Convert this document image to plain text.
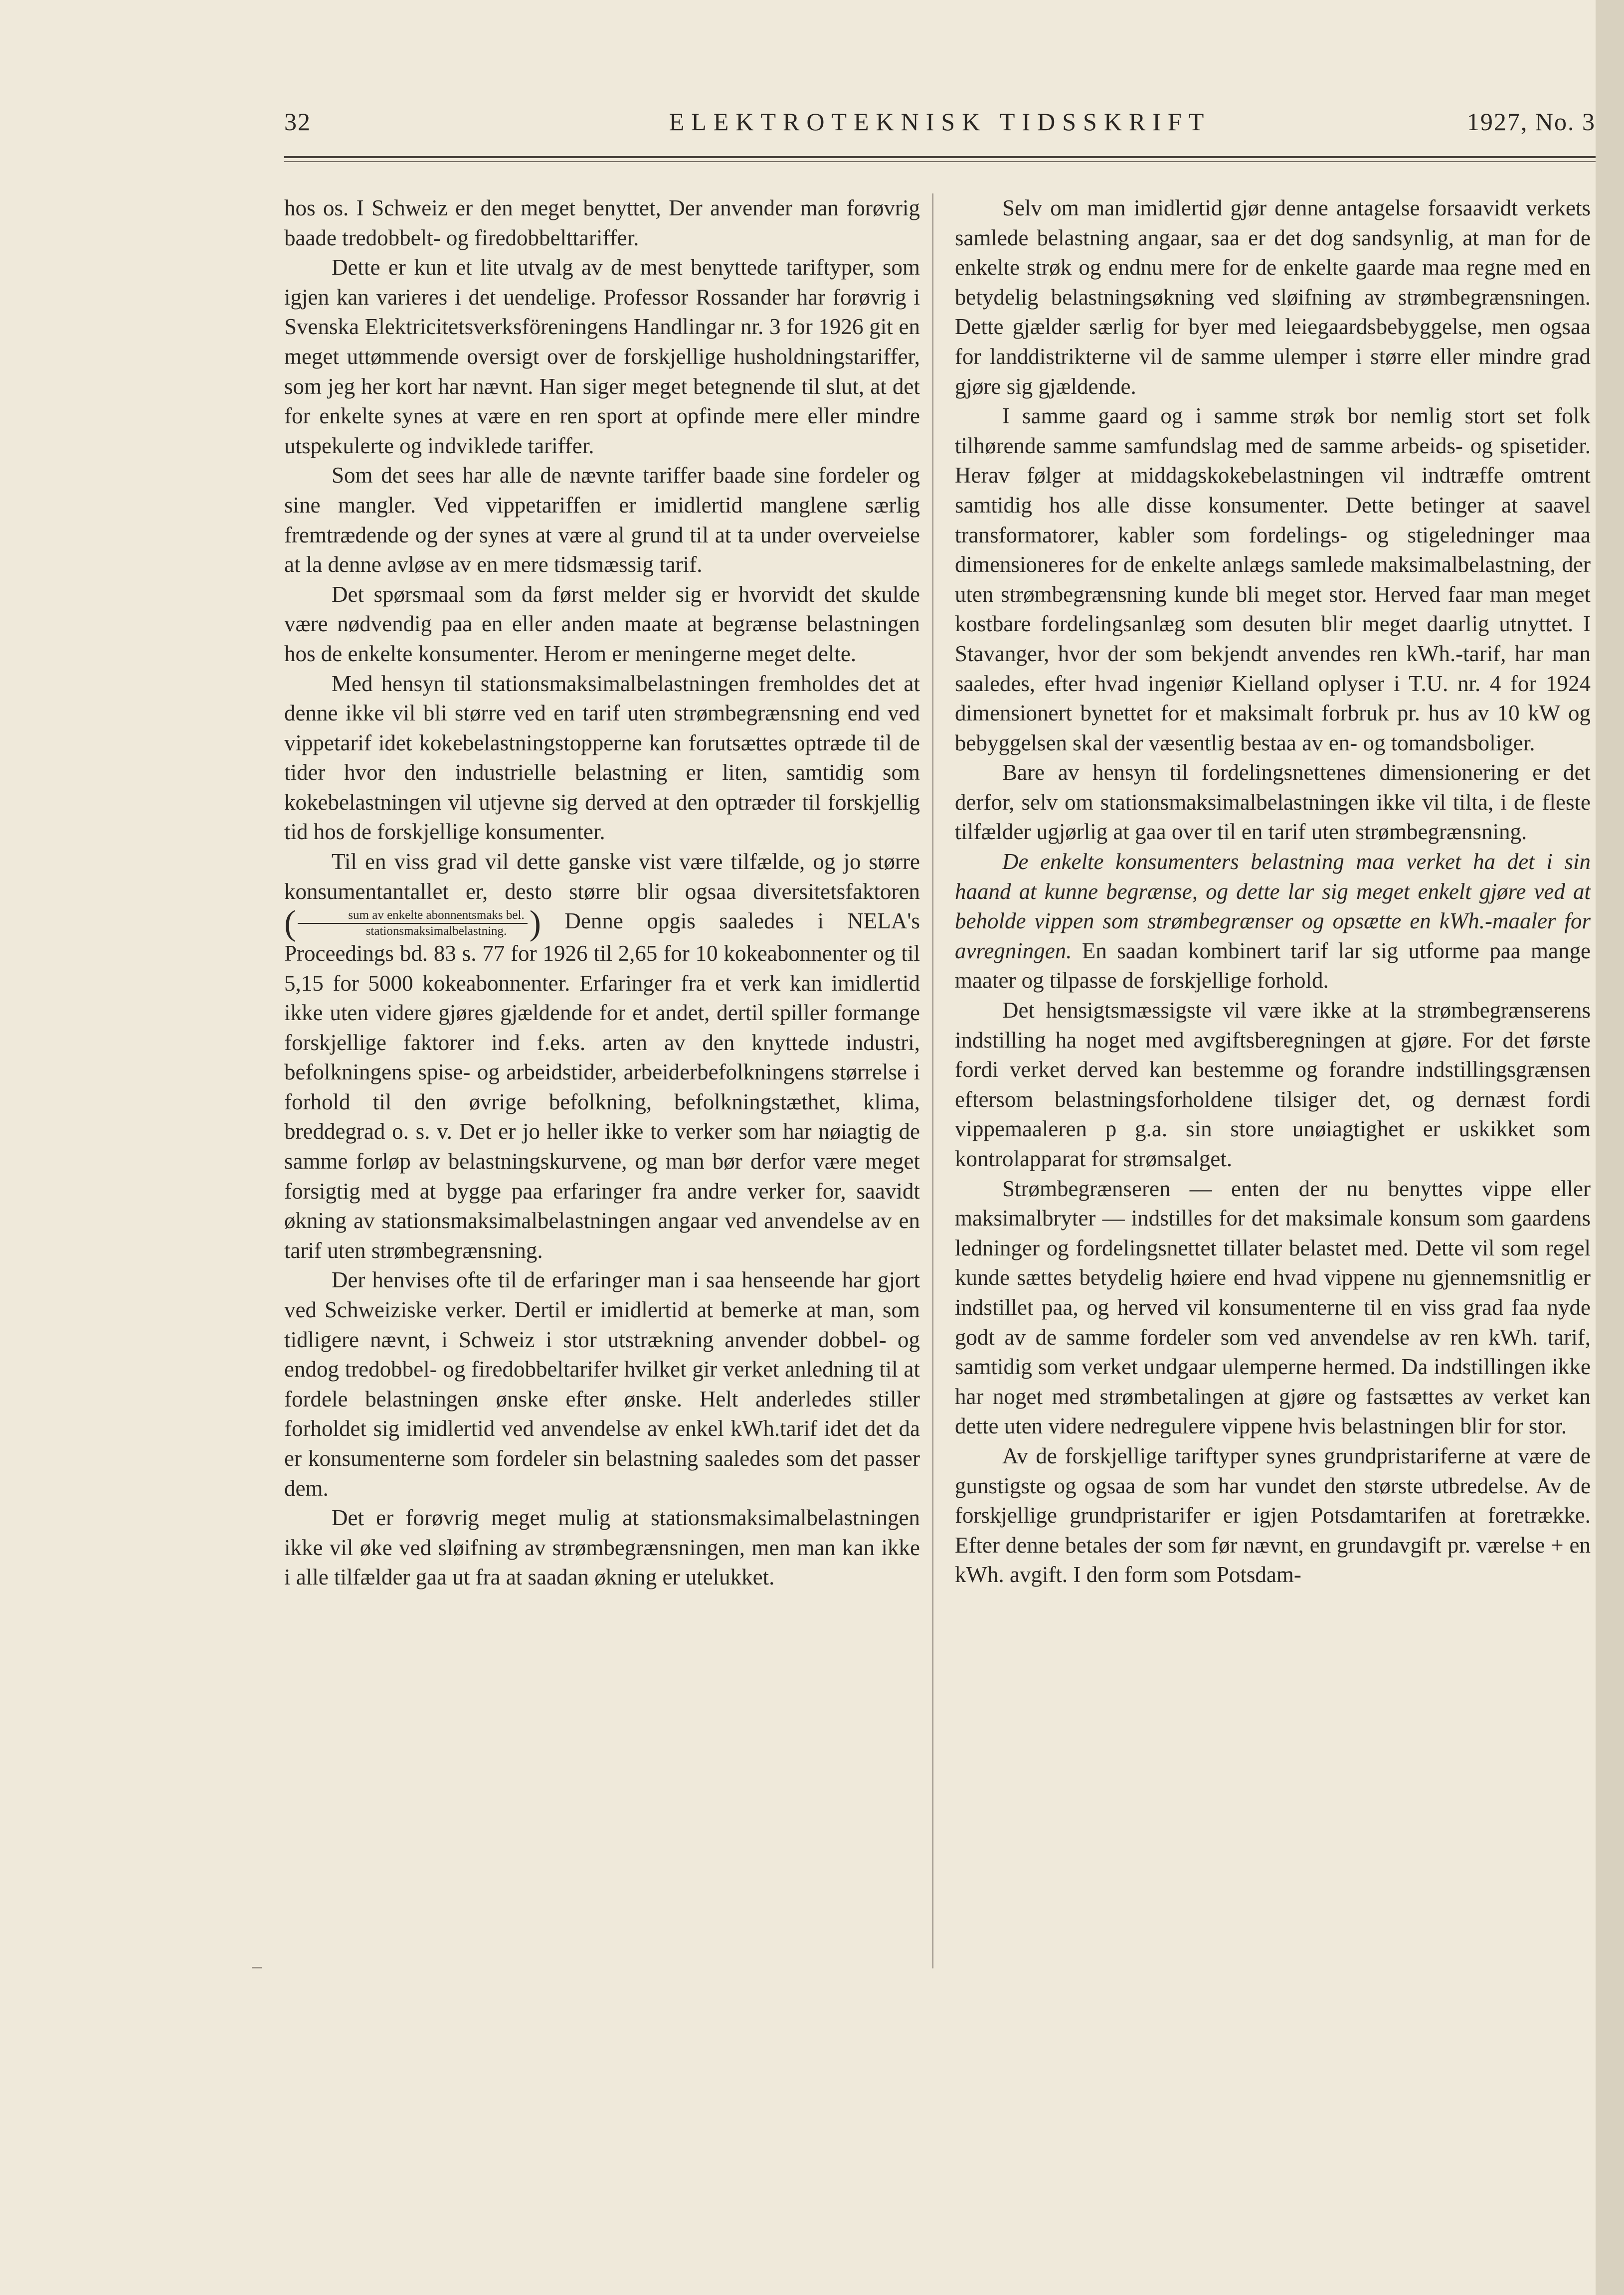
ELEKTROTEKNISK TIDSSKRIFT
32	1927, No. 3

hos os. I Schweiz er den meget benyttet, Der anvender man forøvrig baade tredobbelt- og firedobbelttariffer.

Dette er kun et lite utvalg av de mest benyttede tariftyper, som igjen kan varieres i det uendelige. Professor Rossander har forøvrig i Svenska Elektricitetsverksföreningens Handlingar nr. 3 for 1926 git en meget uttømmende oversigt over de forskjellige husholdningstariffer, som jeg her kort har nævnt. Han siger meget betegnende til slut, at det for enkelte synes at være en ren sport at opfinde mere eller mindre utspekulerte og indviklede tariffer.

Som det sees har alle de nævnte tariffer baade sine fordeler og sine mangler. Ved vippetariffen er imidlertid manglene særlig fremtrædende og der synes at være al grund til at ta under overveielse at la denne avløse av en mere tidsmæssig tarif.

Det spørsmaal som da først melder sig er hvorvidt det skulde være nødvendig paa en eller anden maate at begrænse belastningen hos de enkelte konsumenter. Herom er meningerne meget delte.

Med hensyn til stationsmaksimalbelastningen fremholdes det at denne ikke vil bli større ved en tarif uten strømbegrænsning end ved vippetarif idet kokebelastningstopperne kan forutsættes optræde til de tider hvor den industrielle belastning er liten, samtidig som kokebelastningen vil utjevne sig derved at den optræder til forskjellig tid hos de forskjellige konsumenter.

Til en viss grad vil dette ganske vist være tilfælde, og jo større konsumentantallet er, desto større blir ogsaa diversitetsfaktoren ( $\frac{\text{sum av enkelte abonnentsmaks bel.}}{\text{stationsmaksimalbelastning.}}$ ) Denne opgis saaledes i NELA's Proceedings bd. 83 s. 77 for 1926 til 2,65 for 10 kokeabonnenter og til 5,15 for 5000 kokeabonnenter. Erfaringer fra et verk kan imidlertid ikke uten videre gjøres gjældende for et andet, dertil spiller formange forskjellige faktorer ind f.eks. arten av den knyttede industri, befolkningens spise- og arbeidstider, arbeiderbefolkningens størrelse i forhold til den øvrige befolkning, befolkningstæthet, klima, breddegrad o. s. v. Det er jo heller ikke to verker som har nøiagtig de samme forløp av belastningskurvene, og man bør derfor være meget forsigtig med at bygge paa erfaringer fra andre verker for, saavidt økning av stationsmaksimalbelastningen angaar ved anvendelse av en tarif uten strømbegrænsning.

Der henvises ofte til de erfaringer man i saa henseende har gjort ved Schweiziske verker. Dertil er imidlertid at bemerke at man, som tidligere nævnt, i Schweiz i stor utstrækning anvender dobbel- og endog tredobbel- og firedobbeltarifer hvilket gir verket anledning til at fordele belastningen ønske efter ønske. Helt anderledes stiller forholdet sig imidlertid ved anvendelse av enkel kWh.tarif idet det da er konsumenterne som fordeler sin belastning saaledes som det passer dem.

Det er forøvrig meget mulig at stationsmaksimalbelastningen ikke vil øke ved sløifning av strømbegrænsningen, men man kan ikke i alle tilfælder gaa ut fra at saadan økning er utelukket.

Selv om man imidlertid gjør denne antagelse forsaavidt verkets samlede belastning angaar, saa er det dog sandsynlig, at man for de enkelte strøk og endnu mere for de enkelte gaarde maa regne med en betydelig belastningsøkning ved sløifning av strømbegrænsningen. Dette gjælder særlig for byer med leiegaardsbebyggelse, men ogsaa for landdistrikterne vil de samme ulemper i større eller mindre grad gjøre sig gjældende.

I samme gaard og i samme strøk bor nemlig stort set folk tilhørende samme samfundslag med de samme arbeids- og spisetider. Herav følger at middagskokebelastningen vil indtræffe omtrent samtidig hos alle disse konsumenter. Dette betinger at saavel transformatorer, kabler som fordelings- og stigeledninger maa dimensioneres for de enkelte anlægs samlede maksimalbelastning, der uten strømbegrænsning kunde bli meget stor. Herved faar man meget kostbare fordelingsanlæg som desuten blir meget daarlig utnyttet. I Stavanger, hvor der som bekjendt anvendes ren kWh.-tarif, har man saaledes, efter hvad ingeniør Kielland oplyser i T.U. nr. 4 for 1924 dimensionert bynettet for et maksimalt forbruk pr. hus av 10 kW og bebyggelsen skal der væsentlig bestaa av en- og tomandsboliger.

Bare av hensyn til fordelingsnettenes dimensionering er det derfor, selv om stationsmaksimalbelastningen ikke vil tilta, i de fleste tilfælder ugjørlig at gaa over til en tarif uten strømbegrænsning.

De enkelte konsumenters belastning maa verket ha det i sin haand at kunne begrænse, og dette lar sig meget enkelt gjøre ved at beholde vippen som strømbegrænser og opsætte en kWh.-maaler for avregningen. En saadan kombinert tarif lar sig utforme paa mange maater og tilpasse de forskjellige forhold.

Det hensigtsmæssigste vil være ikke at la strømbegrænserens indstilling ha noget med avgiftsberegningen at gjøre. For det første fordi verket derved kan bestemme og forandre indstillingsgrænsen eftersom belastningsforholdene tilsiger det, og dernæst fordi vippemaaleren p g.a. sin store unøiagtighet er uskikket som kontrolapparat for strømsalget.

Strømbegrænseren — enten der nu benyttes vippe eller maksimalbryter — indstilles for det maksimale konsum som gaardens ledninger og fordelingsnettet tillater belastet med. Dette vil som regel kunde sættes betydelig høiere end hvad vippene nu gjennemsnitlig er indstillet paa, og herved vil konsumenterne til en viss grad faa nyde godt av de samme fordeler som ved anvendelse av ren kWh. tarif, samtidig som verket undgaar ulemperne hermed. Da indstillingen ikke har noget med strømbetalingen at gjøre og fastsættes av verket kan dette uten videre nedregulere vippene hvis belastningen blir for stor.

Av de forskjellige tariftyper synes grundpristariferne at være de gunstigste og ogsaa de som har vundet den største utbredelse. Av de forskjellige grundpristarifer er igjen Potsdamtarifen at foretrække. Efter denne betales der som før nævnt, en grundavgift pr. værelse + en kWh. avgift. I den form som Potsdam-
